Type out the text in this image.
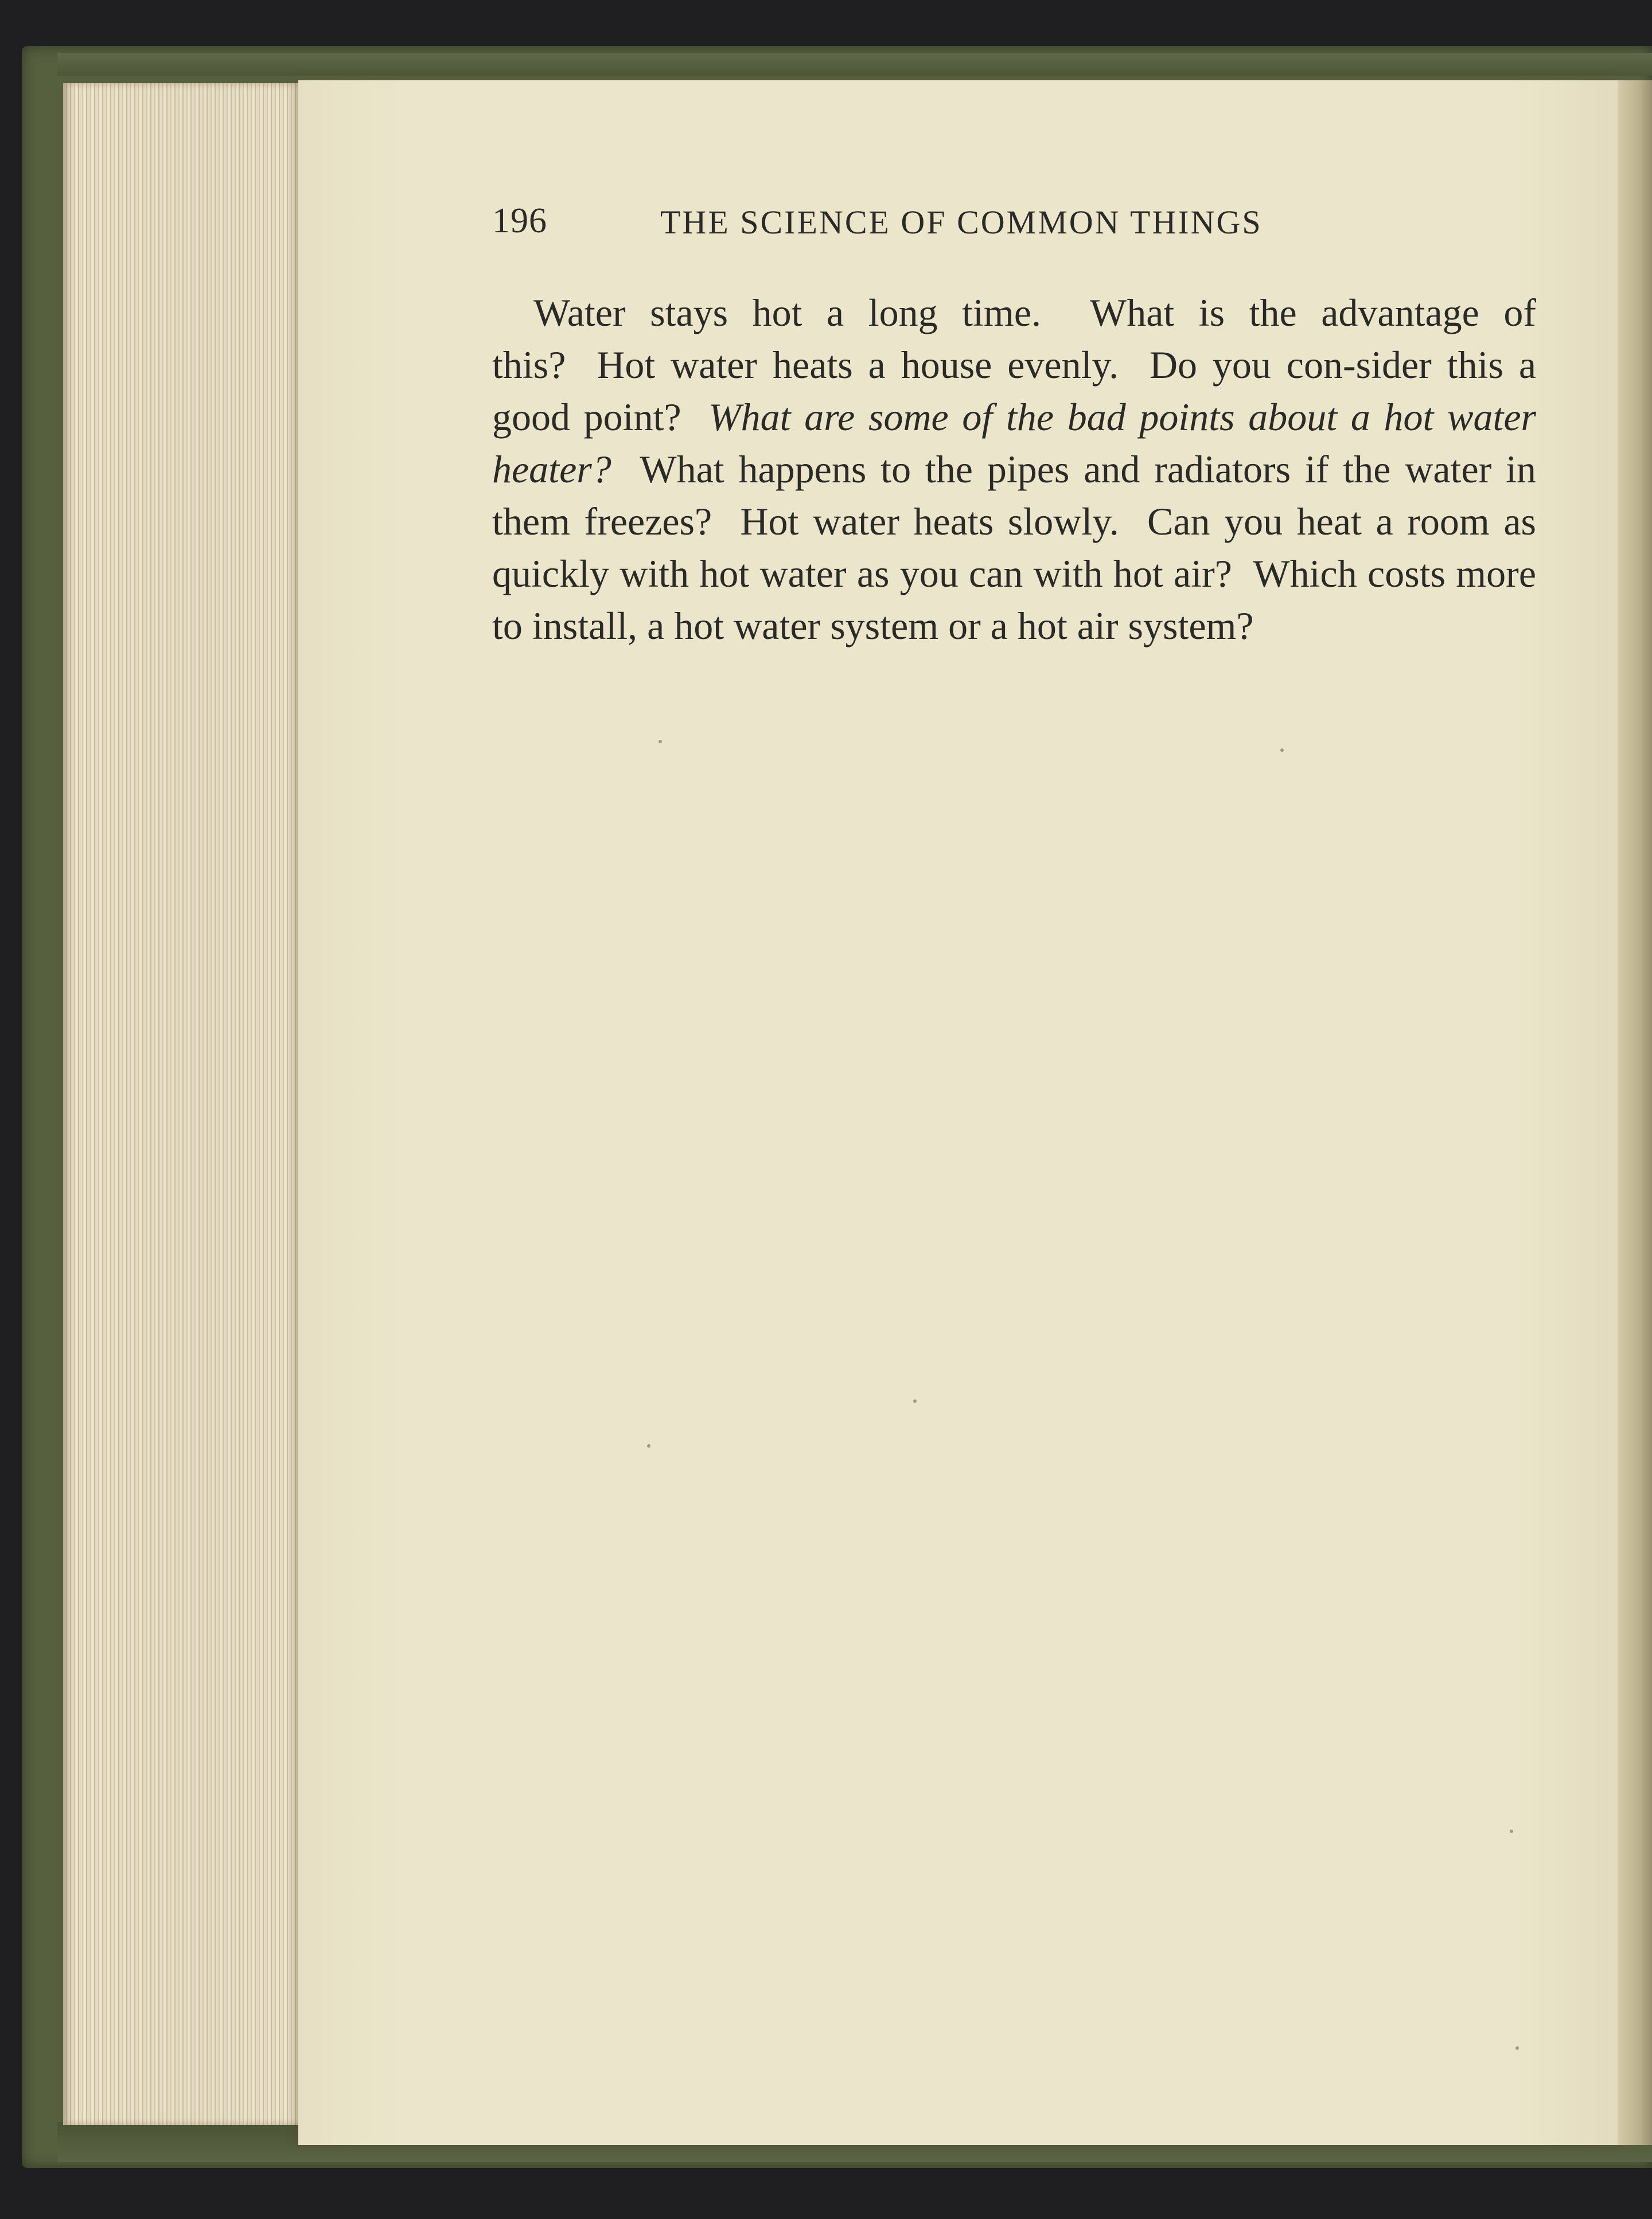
196	THE SCIENCE OF COMMON THINGS

Water stays hot a long time. What is the advantage of this? Hot water heats a house evenly. Do you con-sider this a good point? What are some of the bad points about a hot water heater? What happens to the pipes and radiators if the water in them freezes? Hot water heats slowly. Can you heat a room as quickly with hot water as you can with hot air? Which costs more to install, a hot water system or a hot air system?
